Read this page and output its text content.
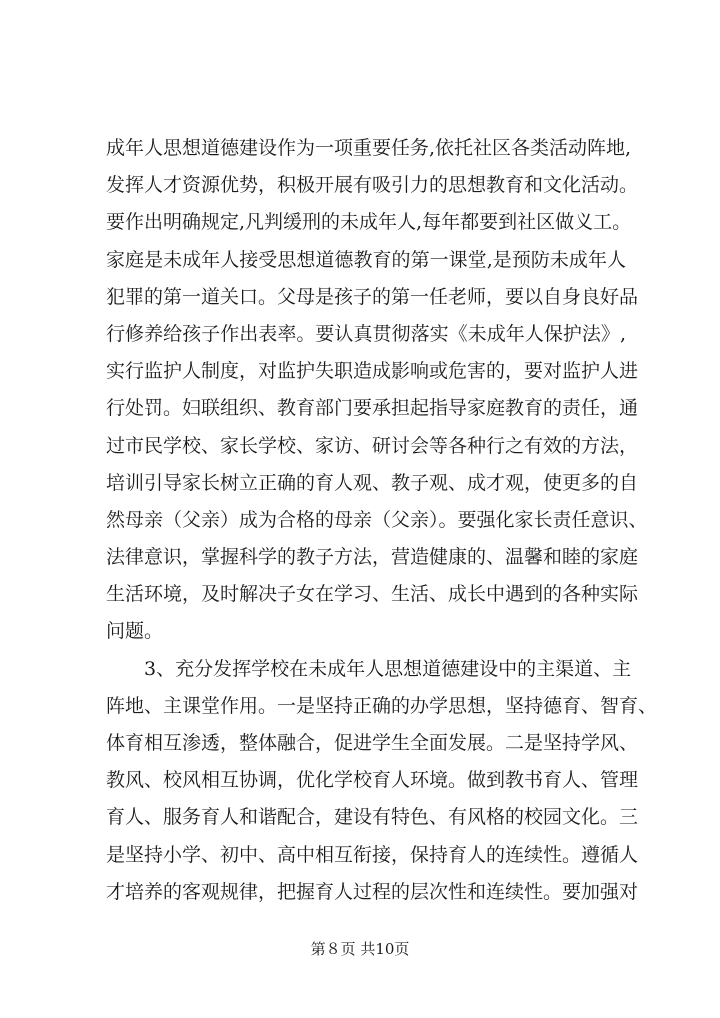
成年人思想道德建设作为一项重要任务,依托社区各类活动阵地,
发挥人才资源优势，积极开展有吸引力的思想教育和文化活动。
要作出明确规定,凡判缓刑的未成年人,每年都要到社区做义工。
家庭是未成年人接受思想道德教育的第一课堂,是预防未成年人
犯罪的第一道关口。父母是孩子的第一任老师，要以自身良好品
行修养给孩子作出表率。要认真贯彻落实《未成年人保护法》,
实行监护人制度，对监护失职造成影响或危害的，要对监护人进
行处罚。妇联组织、教育部门要承担起指导家庭教育的责任，通
过市民学校、家长学校、家访、研讨会等各种行之有效的方法，
培训引导家长树立正确的育人观、教子观、成才观，使更多的自
然母亲（父亲）成为合格的母亲（父亲）。要强化家长责任意识、
法律意识，掌握科学的教子方法，营造健康的、温馨和睦的家庭
生活环境，及时解决子女在学习、生活、成长中遇到的各种实际
问题。
3、充分发挥学校在未成年人思想道德建设中的主渠道、主
阵地、主课堂作用。一是坚持正确的办学思想，坚持德育、智育、
体育相互渗透，整体融合，促进学生全面发展。二是坚持学风、
教风、校风相互协调，优化学校育人环境。做到教书育人、管理
育人、服务育人和谐配合，建设有特色、有风格的校园文化。三
是坚持小学、初中、高中相互衔接，保持育人的连续性。遵循人
才培养的客观规律，把握育人过程的层次性和连续性。要加强对
第８页 共10页
